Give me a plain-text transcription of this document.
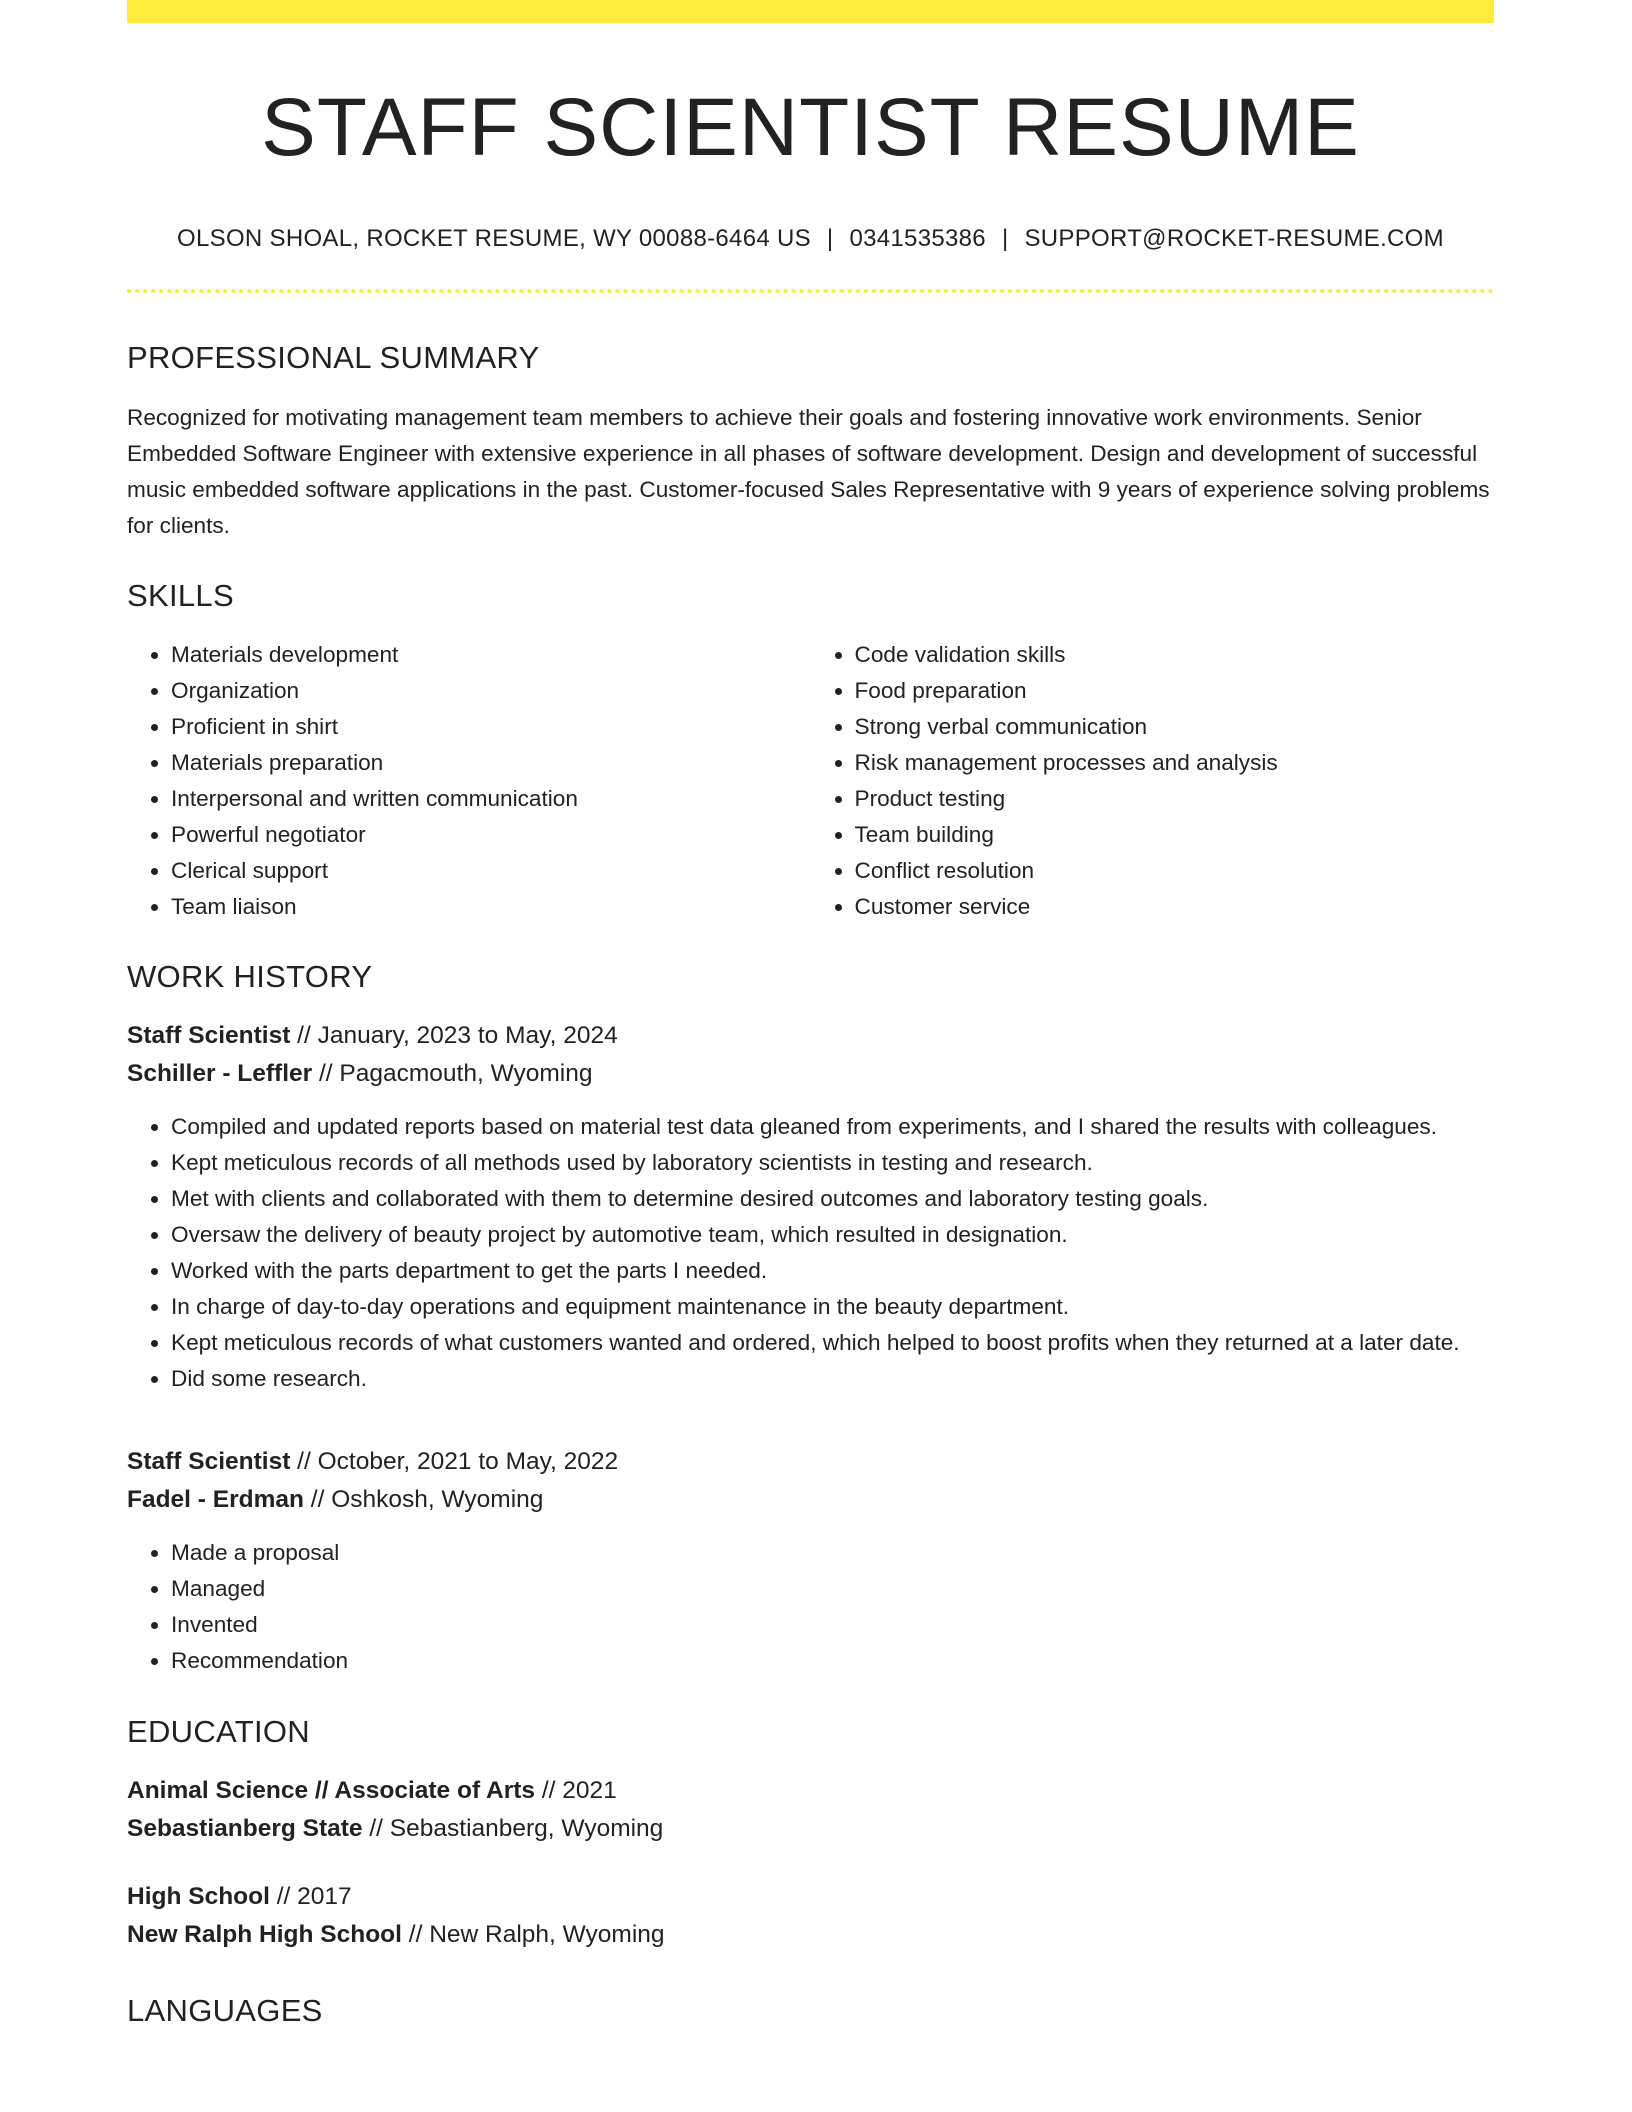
STAFF SCIENTIST RESUME
OLSON SHOAL, ROCKET RESUME, WY 00088-6464 US | 0341535386 | SUPPORT@ROCKET-RESUME.COM
PROFESSIONAL SUMMARY

Recognized for motivating management team members to achieve their goals and fostering innovative work environments. Senior Embedded Software Engineer with extensive experience in all phases of software development. Design and development of successful music embedded software applications in the past. Customer-focused Sales Representative with 9 years of experience solving problems for clients.

SKILLS
• Materials development
• Organization
• Proficient in shirt
• Materials preparation
• Interpersonal and written communication
• Powerful negotiator
• Clerical support
• Team liaison
• Code validation skills
• Food preparation
• Strong verbal communication
• Risk management processes and analysis
• Product testing
• Team building
• Conflict resolution
• Customer service
WORK HISTORY
Staff Scientist // January, 2023 to May, 2024
Schiller - Leffler // Pagacmouth, Wyoming
• Compiled and updated reports based on material test data gleaned from experiments, and I shared the results with colleagues.
• Kept meticulous records of all methods used by laboratory scientists in testing and research.
• Met with clients and collaborated with them to determine desired outcomes and laboratory testing goals.
• Oversaw the delivery of beauty project by automotive team, which resulted in designation.
• Worked with the parts department to get the parts I needed.
• In charge of day-to-day operations and equipment maintenance in the beauty department.
• Kept meticulous records of what customers wanted and ordered, which helped to boost profits when they returned at a later date.
• Did some research.
Staff Scientist // October, 2021 to May, 2022
Fadel - Erdman // Oshkosh, Wyoming
• Made a proposal
• Managed
• Invented
• Recommendation
EDUCATION
Animal Science // Associate of Arts // 2021
Sebastianberg State // Sebastianberg, Wyoming
High School // 2017
New Ralph High School // New Ralph, Wyoming
LANGUAGES
